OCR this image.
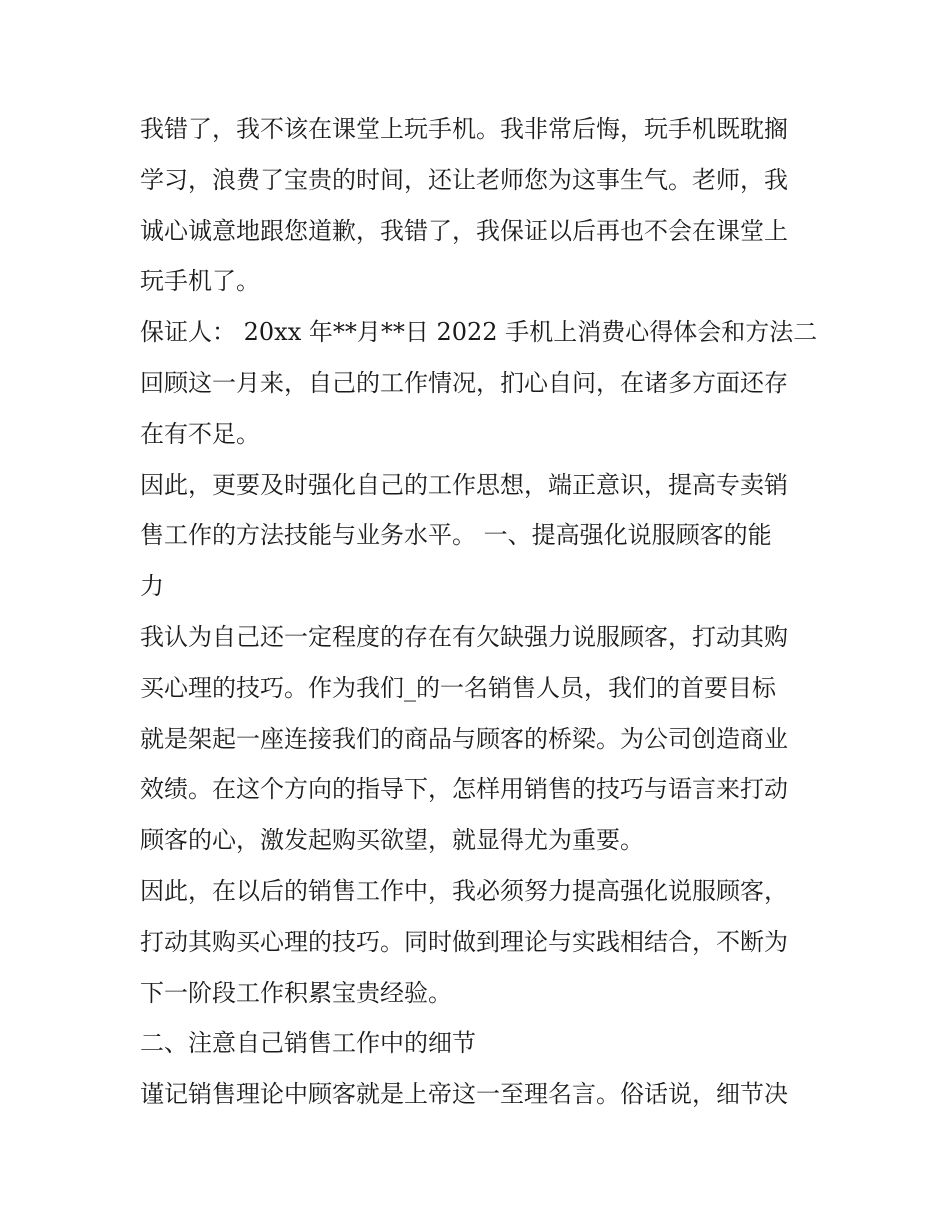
我错了，我不该在课堂上玩手机。我非常后悔，玩手机既耽搁
学习，浪费了宝贵的时间，还让老师您为这事生气。老师，我
诚心诚意地跟您道歉，我错了，我保证以后再也不会在课堂上
玩手机了。
保证人： 20xx 年**月**日 2022 手机上消费心得体会和方法二
回顾这一月来，自己的工作情况，扪心自问，在诸多方面还存
在有不足。
因此，更要及时强化自己的工作思想，端正意识，提高专卖销
售工作的方法技能与业务水平。 一、提高强化说服顾客的能
力
我认为自己还一定程度的存在有欠缺强力说服顾客，打动其购
买心理的技巧。作为我们_的一名销售人员，我们的首要目标
就是架起一座连接我们的商品与顾客的桥梁。为公司创造商业
效绩。在这个方向的指导下，怎样用销售的技巧与语言来打动
顾客的心，激发起购买欲望，就显得尤为重要。
因此，在以后的销售工作中，我必须努力提高强化说服顾客，
打动其购买心理的技巧。同时做到理论与实践相结合，不断为
下一阶段工作积累宝贵经验。
二、注意自己销售工作中的细节
谨记销售理论中顾客就是上帝这一至理名言。俗话说，细节决
